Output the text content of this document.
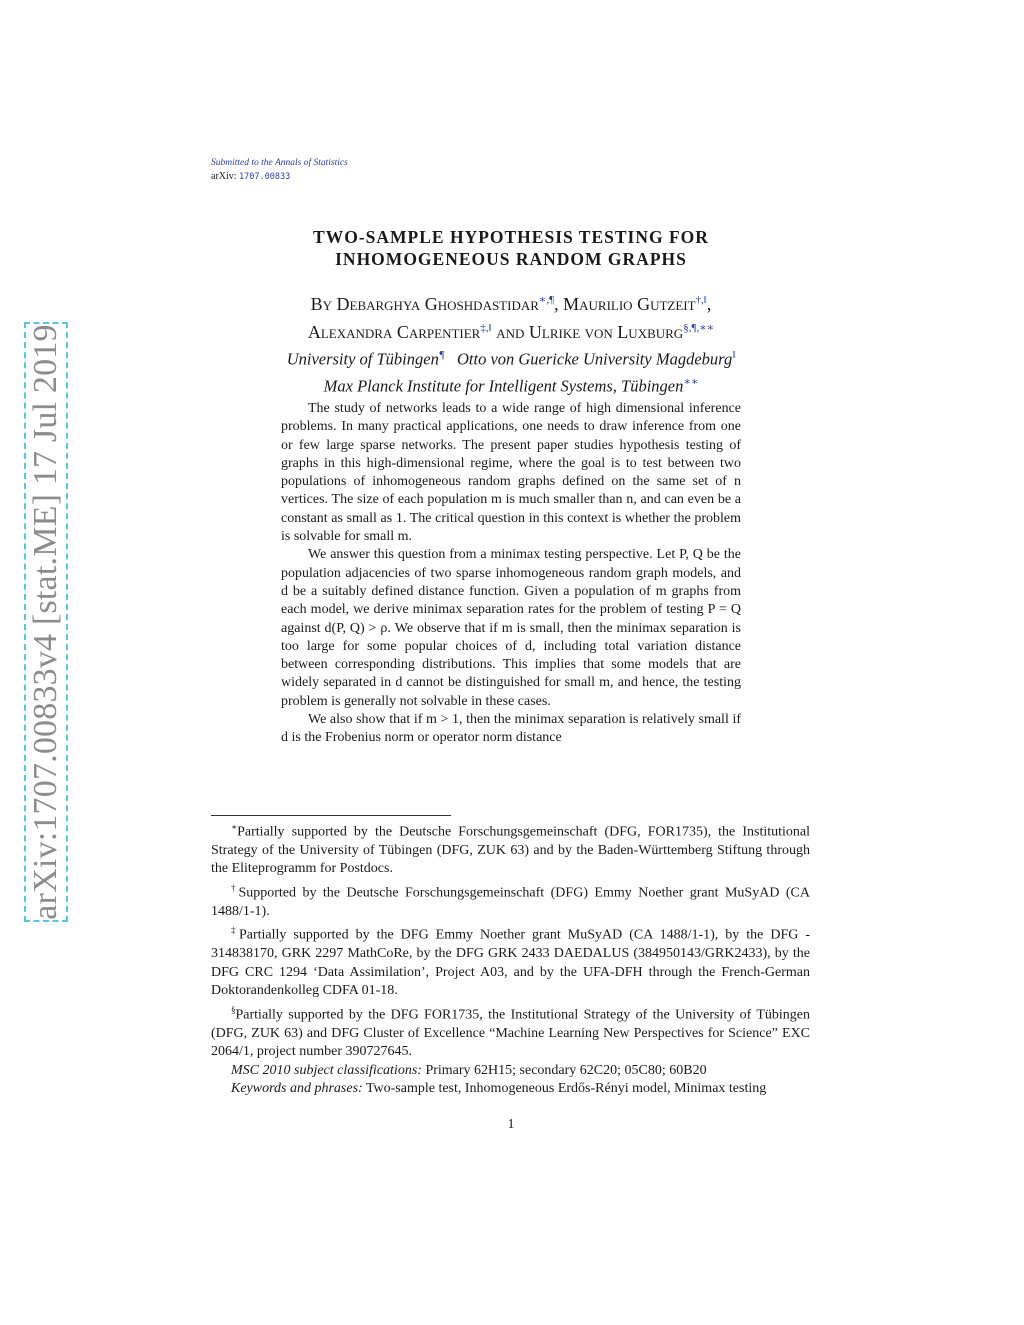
arXiv:1707.00833v4 [stat.ME] 17 Jul 2019
Submitted to the Annals of Statistics
arXiv: 1707.00833
TWO-SAMPLE HYPOTHESIS TESTING FOR
INHOMOGENEOUS RANDOM GRAPHS
By Debarghya Ghoshdastidar∗,¶, Maurilio Gutzeit†,‖,
Alexandra Carpentier‡,‖ and Ulrike von Luxburg§,¶,∗∗
University of Tübingen¶ Otto von Guericke University Magdeburg‖
Max Planck Institute for Intelligent Systems, Tübingen∗∗

The study of networks leads to a wide range of high dimensional inference problems. In many practical applications, one needs to draw inference from one or few large sparse networks. The present paper studies hypothesis testing of graphs in this high-dimensional regime, where the goal is to test between two populations of inhomogeneous random graphs defined on the same set of n vertices. The size of each population m is much smaller than n, and can even be a constant as small as 1. The critical question in this context is whether the problem is solvable for small m.

We answer this question from a minimax testing perspective. Let P, Q be the population adjacencies of two sparse inhomogeneous random graph models, and d be a suitably defined distance function. Given a population of m graphs from each model, we derive minimax separation rates for the problem of testing P = Q against d(P, Q) > ρ. We observe that if m is small, then the minimax separation is too large for some popular choices of d, including total variation distance between corresponding distributions. This implies that some models that are widely separated in d cannot be distinguished for small m, and hence, the testing problem is generally not solvable in these cases.

We also show that if m > 1, then the minimax separation is relatively small if d is the Frobenius norm or operator norm distance

∗Partially supported by the Deutsche Forschungsgemeinschaft (DFG, FOR1735), the Institutional Strategy of the University of Tübingen (DFG, ZUK 63) and by the Baden-Württemberg Stiftung through the Eliteprogramm for Postdocs.

†Supported by the Deutsche Forschungsgemeinschaft (DFG) Emmy Noether grant MuSyAD (CA 1488/1-1).

‡Partially supported by the DFG Emmy Noether grant MuSyAD (CA 1488/1-1), by the DFG - 314838170, GRK 2297 MathCoRe, by the DFG GRK 2433 DAEDALUS (384950143/GRK2433), by the DFG CRC 1294 ‘Data Assimilation’, Project A03, and by the UFA-DFH through the French-German Doktorandenkolleg CDFA 01-18.

§Partially supported by the DFG FOR1735, the Institutional Strategy of the University of Tübingen (DFG, ZUK 63) and DFG Cluster of Excellence “Machine Learning New Perspectives for Science” EXC 2064/1, project number 390727645.

MSC 2010 subject classifications: Primary 62H15; secondary 62C20; 05C80; 60B20

Keywords and phrases: Two-sample test, Inhomogeneous Erdős-Rényi model, Minimax testing

1
